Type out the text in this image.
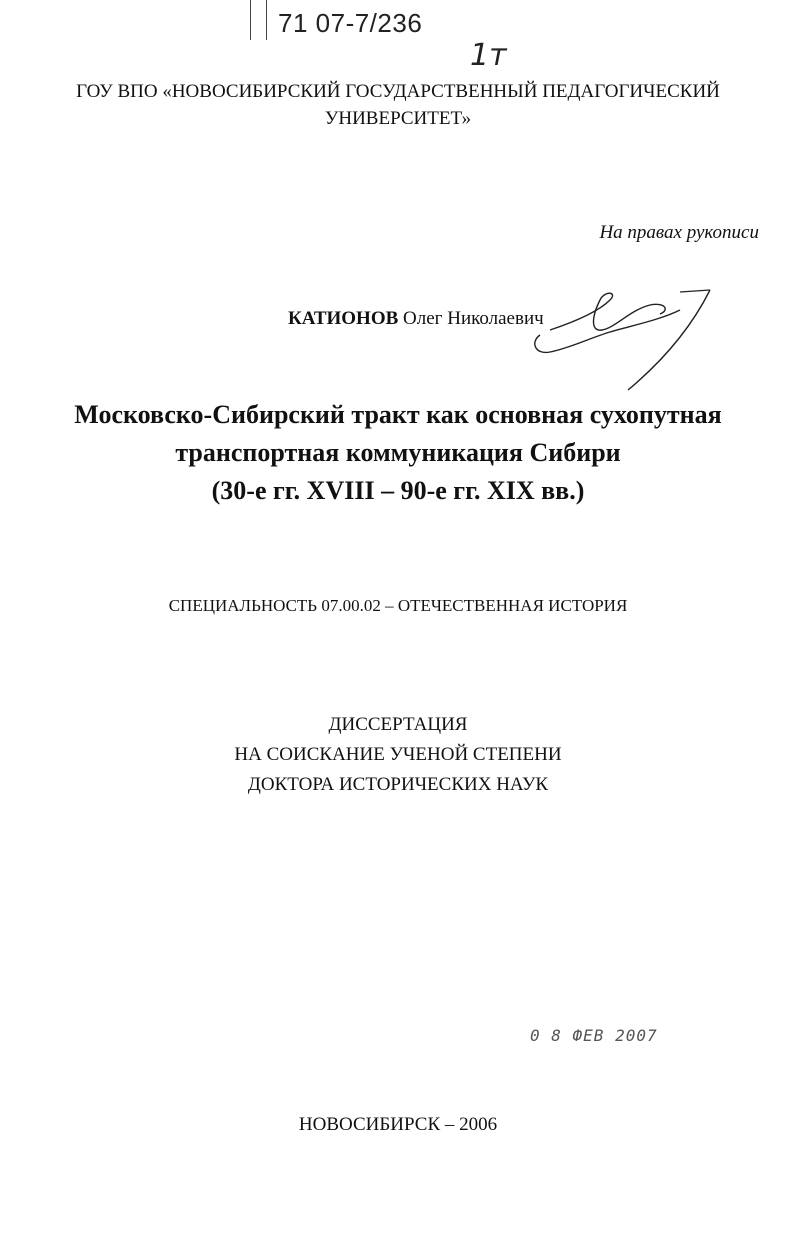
71 07-7/236
1т
ГОУ ВПО «НОВОСИБИРСКИЙ ГОСУДАРСТВЕННЫЙ ПЕДАГОГИЧЕСКИЙ
УНИВЕРСИТЕТ»
На правах рукописи
КАТИОНОВ Олег Николаевич
Московско-Сибирский тракт как основная сухопутная
транспортная коммуникация Сибири
(30-е гг. XVIII – 90-е гг. XIX вв.)
СПЕЦИАЛЬНОСТЬ 07.00.02 – ОТЕЧЕСТВЕННАЯ ИСТОРИЯ
ДИССЕРТАЦИЯ
НА СОИСКАНИЕ УЧЕНОЙ СТЕПЕНИ
ДОКТОРА ИСТОРИЧЕСКИХ НАУК
0 8 ФЕВ 2007
НОВОСИБИРСК – 2006
